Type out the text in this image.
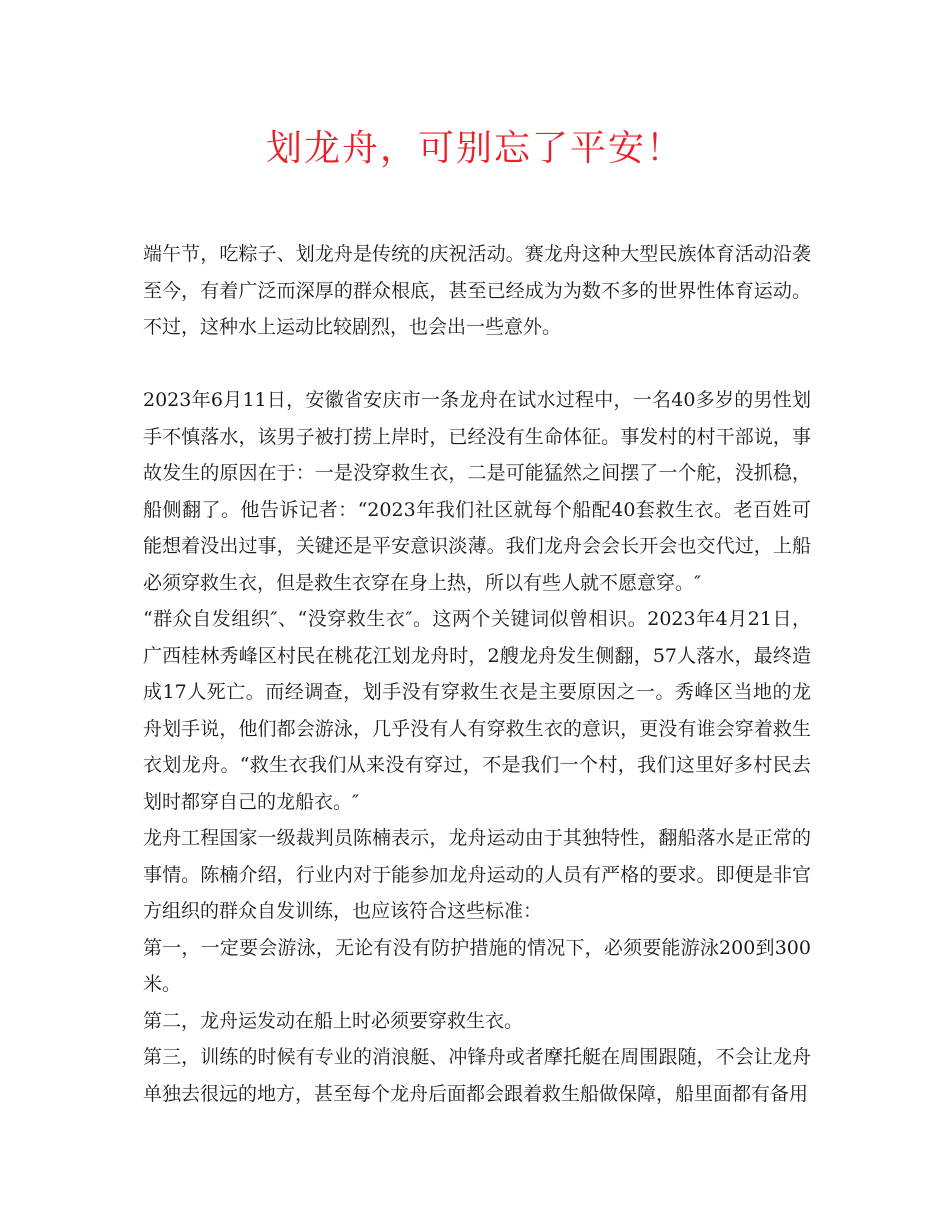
划龙舟，可别忘了平安！

端午节，吃粽子、划龙舟是传统的庆祝活动。赛龙舟这种大型民族体育活动沿袭至今，有着广泛而深厚的群众根底，甚至已经成为为数不多的世界性体育运动。不过，这种水上运动比较剧烈，也会出一些意外。

2023年6月11日，安徽省安庆市一条龙舟在试水过程中，一名40多岁的男性划手不慎落水，该男子被打捞上岸时，已经没有生命体征。事发村的村干部说，事故发生的原因在于：一是没穿救生衣，二是可能猛然之间摆了一个舵，没抓稳，船侧翻了。他告诉记者：“2023年我们社区就每个船配40套救生衣。老百姓可能想着没出过事，关键还是平安意识淡薄。我们龙舟会会长开会也交代过，上船必须穿救生衣，但是救生衣穿在身上热，所以有些人就不愿意穿。″

“群众自发组织″、“没穿救生衣″。这两个关键词似曾相识。2023年4月21日，广西桂林秀峰区村民在桃花江划龙舟时，2艘龙舟发生侧翻，57人落水，最终造成17人死亡。而经调查，划手没有穿救生衣是主要原因之一。秀峰区当地的龙舟划手说，他们都会游泳，几乎没有人有穿救生衣的意识，更没有谁会穿着救生衣划龙舟。“救生衣我们从来没有穿过，不是我们一个村，我们这里好多村民去划时都穿自己的龙船衣。″

龙舟工程国家一级裁判员陈楠表示，龙舟运动由于其独特性，翻船落水是正常的事情。陈楠介绍，行业内对于能参加龙舟运动的人员有严格的要求。即便是非官方组织的群众自发训练，也应该符合这些标准：

第一，一定要会游泳，无论有没有防护措施的情况下，必须要能游泳200到300米。

第二，龙舟运发动在船上时必须要穿救生衣。

第三，训练的时候有专业的消浪艇、冲锋舟或者摩托艇在周围跟随，不会让龙舟单独去很远的地方，甚至每个龙舟后面都会跟着救生船做保障，船里面都有备用
